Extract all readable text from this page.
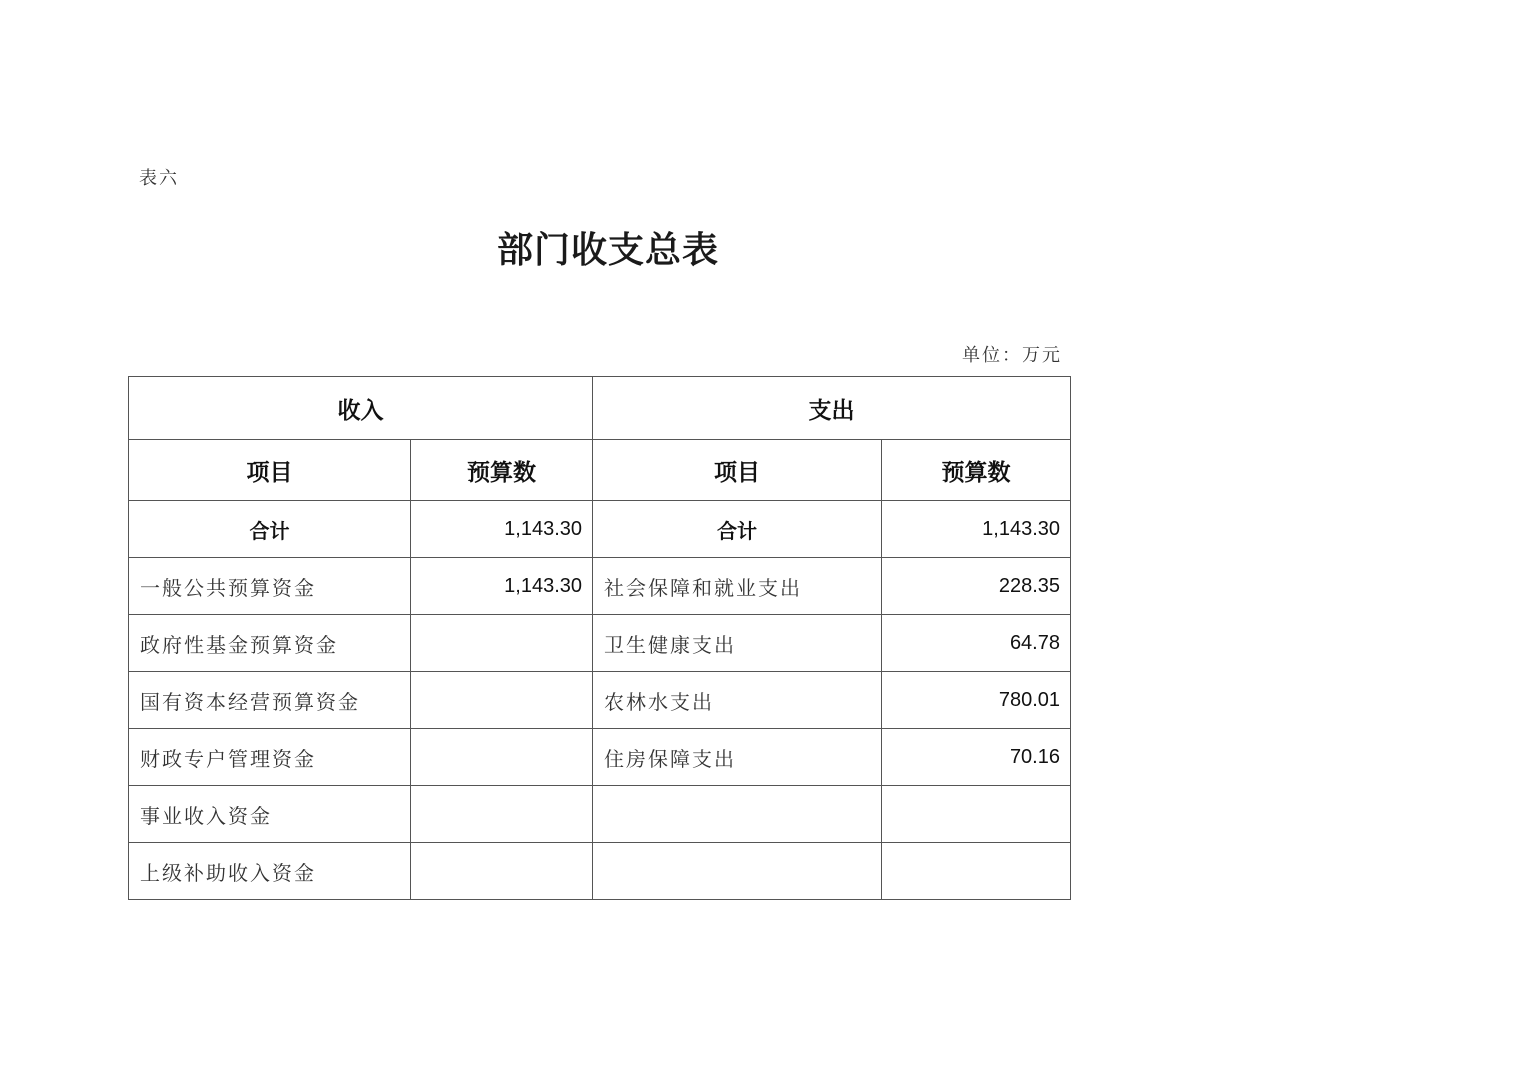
表六
部门收支总表
单位：万元
收入		支出	
项目	预算数	项目	预算数
合计	1,143.30	合计	1,143.30
一般公共预算资金	1,143.30	社会保障和就业支出	228.35
政府性基金预算资金		卫生健康支出	64.78
国有资本经营预算资金		农林水支出	780.01
财政专户管理资金		住房保障支出	70.16
事业收入资金			
上级补助收入资金			
